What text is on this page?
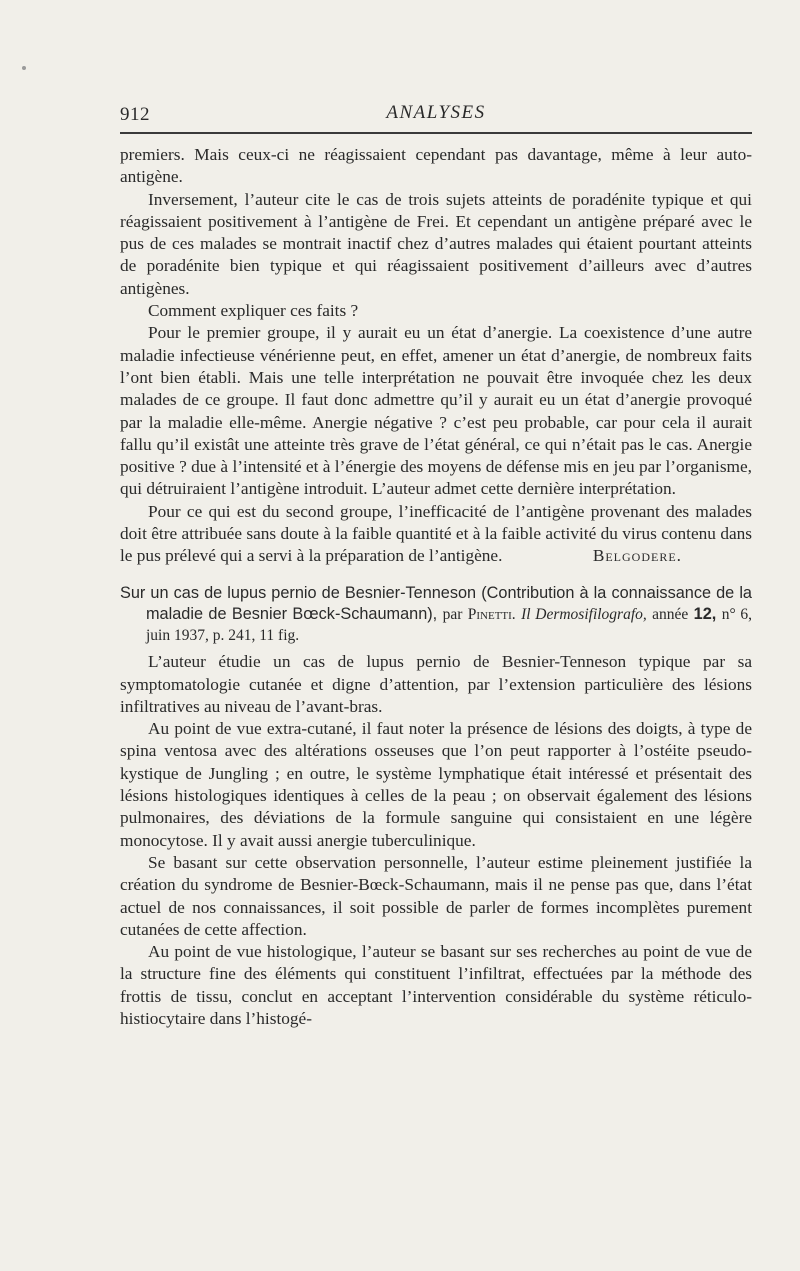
912	ANALYSES

premiers. Mais ceux-ci ne réagissaient cependant pas davantage, même à leur auto-antigène.

Inversement, l’auteur cite le cas de trois sujets atteints de poradénite typique et qui réagissaient positivement à l’antigène de Frei. Et cependant un antigène préparé avec le pus de ces malades se montrait inactif chez d’autres malades qui étaient pourtant atteints de poradénite bien typique et qui réagissaient positivement d’ailleurs avec d’autres antigènes.

Comment expliquer ces faits ?

Pour le premier groupe, il y aurait eu un état d’anergie. La coexistence d’une autre maladie infectieuse vénérienne peut, en effet, amener un état d’anergie, de nombreux faits l’ont bien établi. Mais une telle interprétation ne pouvait être invoquée chez les deux malades de ce groupe. Il faut donc admettre qu’il y aurait eu un état d’anergie provoqué par la maladie elle-même. Anergie négative ? c’est peu probable, car pour cela il aurait fallu qu’il existât une atteinte très grave de l’état général, ce qui n’était pas le cas. Anergie positive ? due à l’intensité et à l’énergie des moyens de défense mis en jeu par l’organisme, qui détruiraient l’antigène introduit. L’auteur admet cette dernière interprétation.

Pour ce qui est du second groupe, l’inefficacité de l’antigène provenant des malades doit être attribuée sans doute à la faible quantité et à la faible activité du virus contenu dans le pus prélevé qui a servi à la préparation de l’antigène.	Belgodere.

Sur un cas de lupus pernio de Besnier-Tenneson (Contribution à la connaissance de la maladie de Besnier Bœck-Schaumann), par Pinetti. Il Dermosifilografo, année 12, n° 6, juin 1937, p. 241, 11 fig.

L’auteur étudie un cas de lupus pernio de Besnier-Tenneson typique par sa symptomatologie cutanée et digne d’attention, par l’extension particulière des lésions infiltratives au niveau de l’avant-bras.

Au point de vue extra-cutané, il faut noter la présence de lésions des doigts, à type de spina ventosa avec des altérations osseuses que l’on peut rapporter à l’ostéite pseudo-kystique de Jungling ; en outre, le système lymphatique était intéressé et présentait des lésions histologiques identiques à celles de la peau ; on observait également des lésions pulmonaires, des déviations de la formule sanguine qui consistaient en une légère monocytose. Il y avait aussi anergie tuberculinique.

Se basant sur cette observation personnelle, l’auteur estime pleinement justifiée la création du syndrome de Besnier-Bœck-Schaumann, mais il ne pense pas que, dans l’état actuel de nos connaissances, il soit possible de parler de formes incomplètes purement cutanées de cette affection.

Au point de vue histologique, l’auteur se basant sur ses recherches au point de vue de la structure fine des éléments qui constituent l’infiltrat, effectuées par la méthode des frottis de tissu, conclut en acceptant l’intervention considérable du système réticulo-histiocytaire dans l’histogé-
